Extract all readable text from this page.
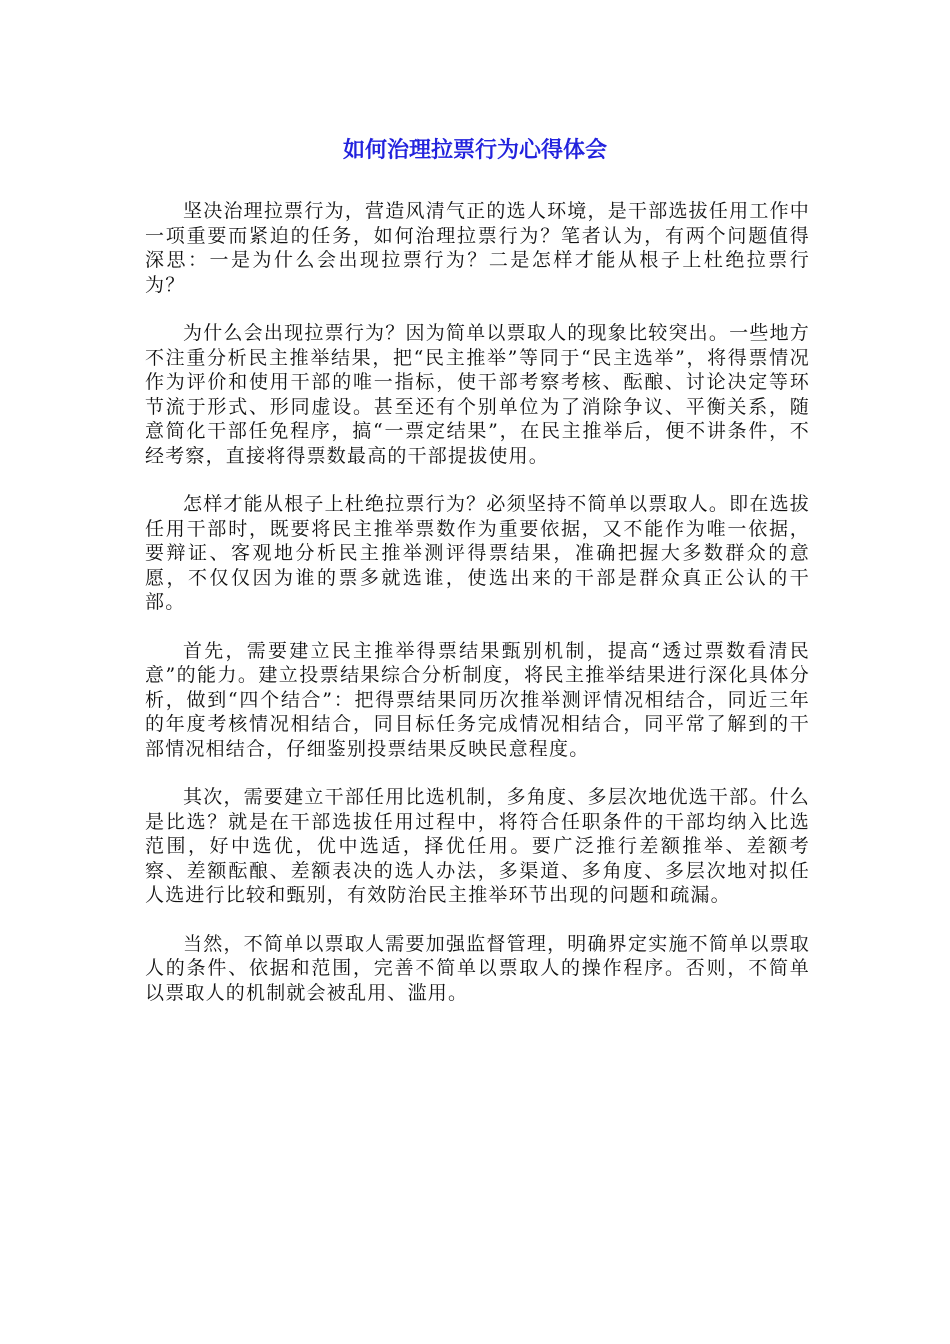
如何治理拉票行为心得体会

坚决治理拉票行为，营造风清气正的选人环境，是干部选拔任用工作中一项重要而紧迫的任务，如何治理拉票行为？笔者认为，有两个问题值得深思：一是为什么会出现拉票行为？二是怎样才能从根子上杜绝拉票行为？

为什么会出现拉票行为？因为简单以票取人的现象比较突出。一些地方不注重分析民主推举结果，把“民主推举”等同于“民主选举”，将得票情况作为评价和使用干部的唯一指标，使干部考察考核、酝酿、讨论决定等环节流于形式、形同虚设。甚至还有个别单位为了消除争议、平衡关系，随意简化干部任免程序，搞“一票定结果”，在民主推举后，便不讲条件，不经考察，直接将得票数最高的干部提拔使用。

怎样才能从根子上杜绝拉票行为？必须坚持不简单以票取人。即在选拔任用干部时，既要将民主推举票数作为重要依据，又不能作为唯一依据，要辩证、客观地分析民主推举测评得票结果，准确把握大多数群众的意愿，不仅仅因为谁的票多就选谁，使选出来的干部是群众真正公认的干部。

首先，需要建立民主推举得票结果甄别机制，提高“透过票数看清民意”的能力。建立投票结果综合分析制度，将民主推举结果进行深化具体分析，做到“四个结合”：把得票结果同历次推举测评情况相结合，同近三年的年度考核情况相结合，同目标任务完成情况相结合，同平常了解到的干部情况相结合，仔细鉴别投票结果反映民意程度。

其次，需要建立干部任用比选机制，多角度、多层次地优选干部。什么是比选？就是在干部选拔任用过程中，将符合任职条件的干部均纳入比选范围，好中选优，优中选适，择优任用。要广泛推行差额推举、差额考察、差额酝酿、差额表决的选人办法，多渠道、多角度、多层次地对拟任人选进行比较和甄别，有效防治民主推举环节出现的问题和疏漏。

当然，不简单以票取人需要加强监督管理，明确界定实施不简单以票取人的条件、依据和范围，完善不简单以票取人的操作程序。否则，不简单以票取人的机制就会被乱用、滥用。
